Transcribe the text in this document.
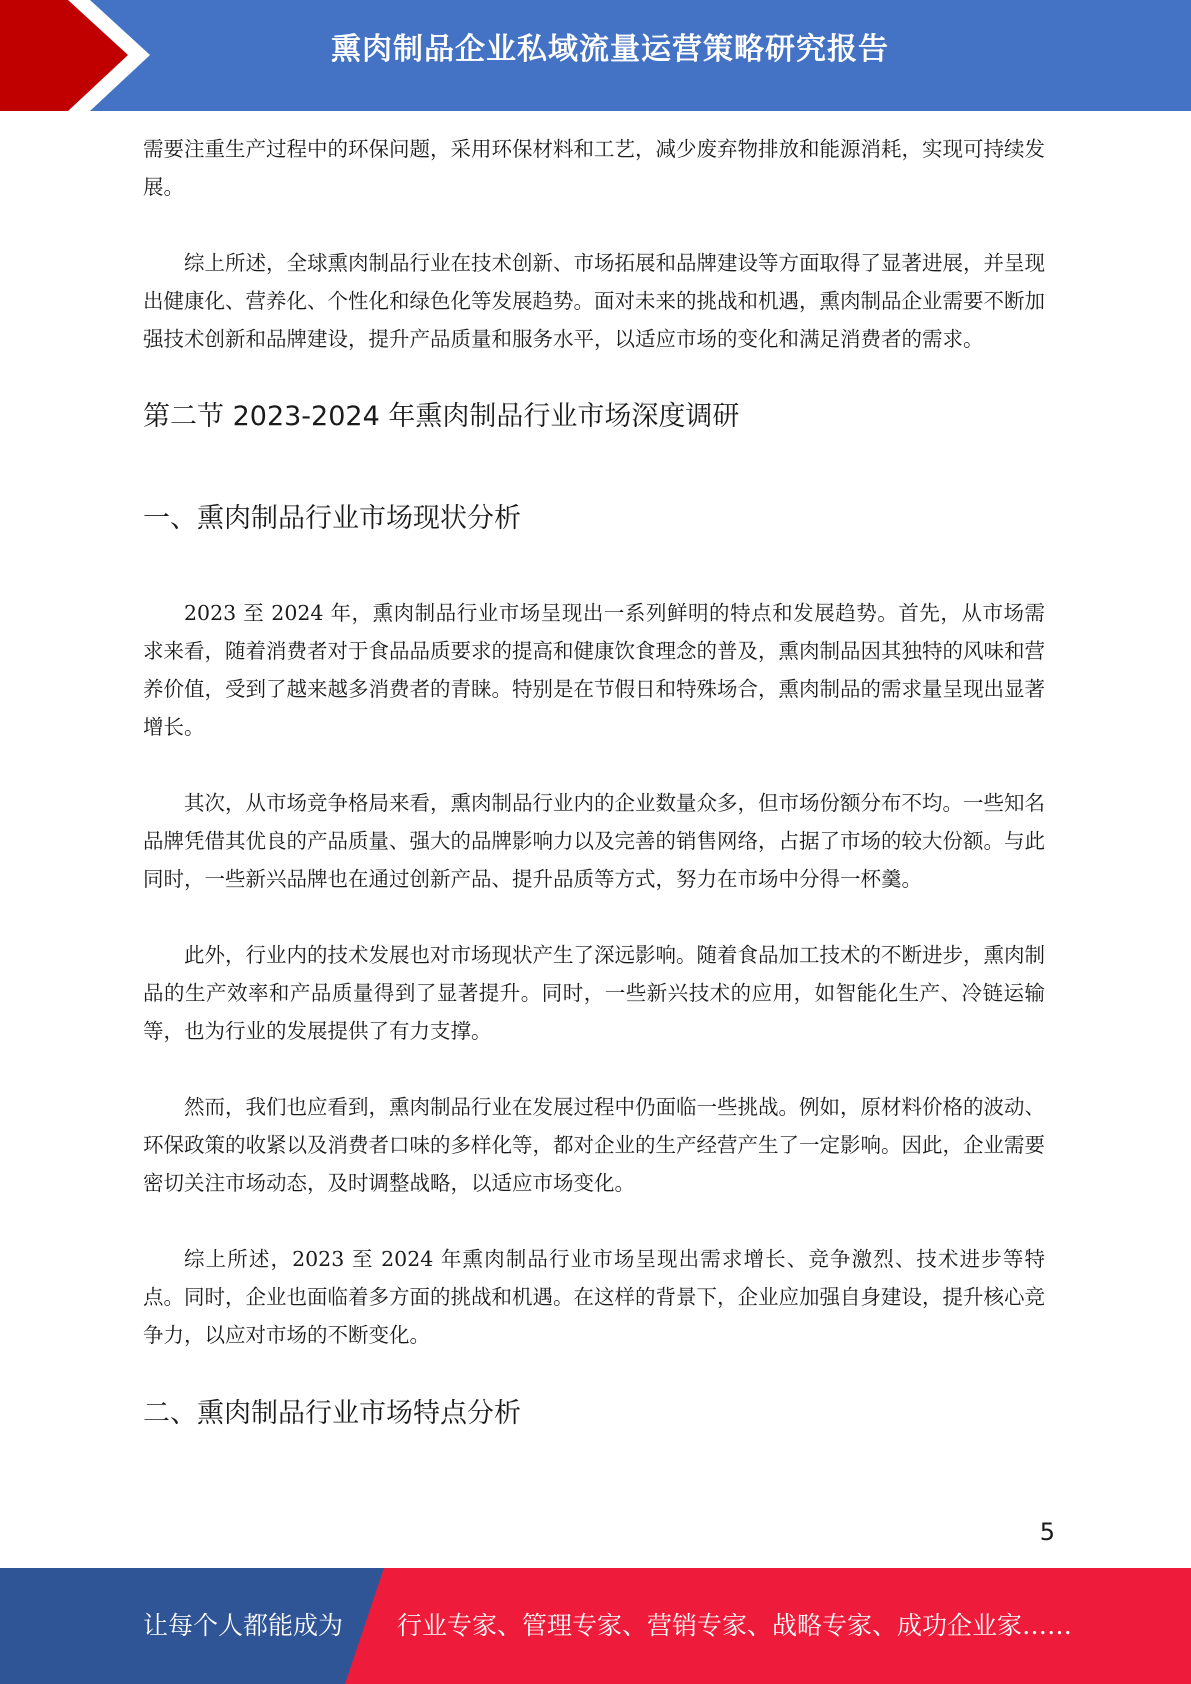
熏肉制品企业私域流量运营策略研究报告

需要注重生产过程中的环保问题，采用环保材料和工艺，减少废弃物排放和能源消耗，实现可持续发展。

综上所述，全球熏肉制品行业在技术创新、市场拓展和品牌建设等方面取得了显著进展，并呈现出健康化、营养化、个性化和绿色化等发展趋势。面对未来的挑战和机遇，熏肉制品企业需要不断加强技术创新和品牌建设，提升产品质量和服务水平，以适应市场的变化和满足消费者的需求。

第二节 2023-2024 年熏肉制品行业市场深度调研
一、熏肉制品行业市场现状分析

2023 至 2024 年，熏肉制品行业市场呈现出一系列鲜明的特点和发展趋势。首先，从市场需求来看，随着消费者对于食品品质要求的提高和健康饮食理念的普及，熏肉制品因其独特的风味和营养价值，受到了越来越多消费者的青睐。特别是在节假日和特殊场合，熏肉制品的需求量呈现出显著增长。

其次，从市场竞争格局来看，熏肉制品行业内的企业数量众多，但市场份额分布不均。一些知名品牌凭借其优良的产品质量、强大的品牌影响力以及完善的销售网络，占据了市场的较大份额。与此同时，一些新兴品牌也在通过创新产品、提升品质等方式，努力在市场中分得一杯羹。

此外，行业内的技术发展也对市场现状产生了深远影响。随着食品加工技术的不断进步，熏肉制品的生产效率和产品质量得到了显著提升。同时，一些新兴技术的应用，如智能化生产、冷链运输等，也为行业的发展提供了有力支撑。

然而，我们也应看到，熏肉制品行业在发展过程中仍面临一些挑战。例如，原材料价格的波动、环保政策的收紧以及消费者口味的多样化等，都对企业的生产经营产生了一定影响。因此，企业需要密切关注市场动态，及时调整战略，以适应市场变化。

综上所述，2023 至 2024 年熏肉制品行业市场呈现出需求增长、竞争激烈、技术进步等特点。同时，企业也面临着多方面的挑战和机遇。在这样的背景下，企业应加强自身建设，提升核心竞争力，以应对市场的不断变化。

二、熏肉制品行业市场特点分析
5
让每个人都能成为 行业专家、管理专家、营销专家、战略专家、成功企业家……
